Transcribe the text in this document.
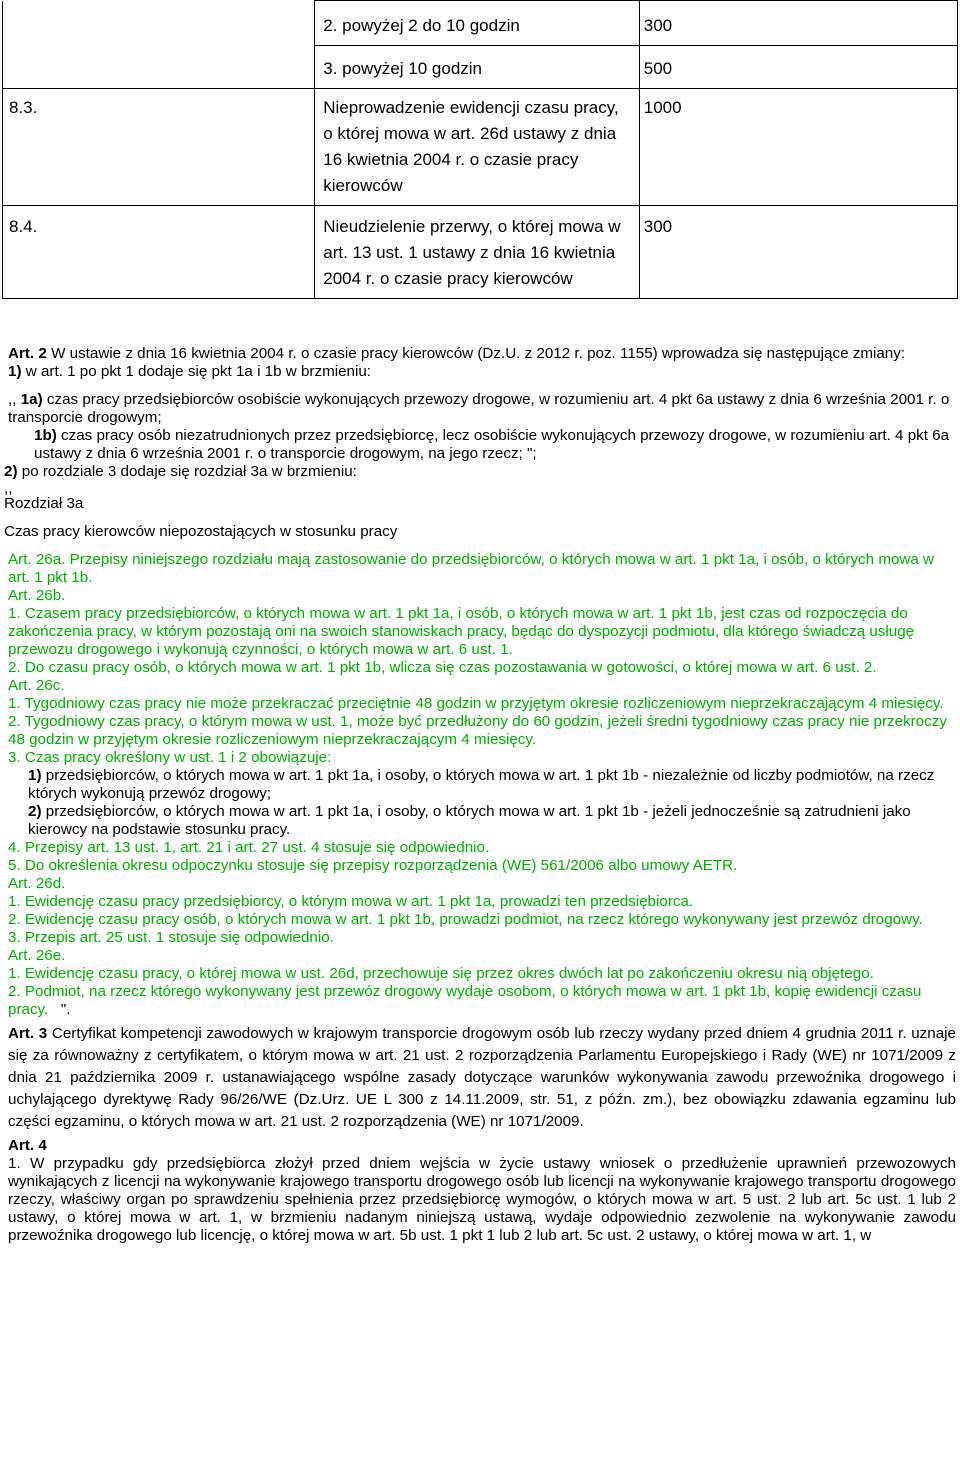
	2. powyżej 2 do 10 godzin	300

	3. powyżej 10 godzin	500

8.3.	Nieprowadzenie ewidencji czasu pracy, o której mowa w art. 26d ustawy z dnia 16 kwietnia 2004 r. o czasie pracy kierowców	1000

8.4.	Nieudzielenie przerwy, o której mowa w art. 13 ust. 1 ustawy z dnia 16 kwietnia 2004 r. o czasie pracy kierowców	300

Art. 2 W ustawie z dnia 16 kwietnia 2004 r. o czasie pracy kierowców (Dz.U. z 2012 r. poz. 1155) wprowadza się następujące zmiany:

1) w art. 1 po pkt 1 dodaje się pkt 1a i 1b w brzmieniu:

,, 1a) czas pracy przedsiębiorców osobiście wykonujących przewozy drogowe, w rozumieniu art. 4 pkt 6a ustawy z dnia 6 września 2001 r. o transporcie drogowym;

1b) czas pracy osób niezatrudnionych przez przedsiębiorcę, lecz osobiście wykonujących przewozy drogowe, w rozumieniu art. 4 pkt 6a ustawy z dnia 6 września 2001 r. o transporcie drogowym, na jego rzecz; ";

2) po rozdziale 3 dodaje się rozdział 3a w brzmieniu:

,,

Rozdział 3a

Czas pracy kierowców niepozostających w stosunku pracy

Art. 26a. Przepisy niniejszego rozdziału mają zastosowanie do przedsiębiorców, o których mowa w art. 1 pkt 1a, i osób, o których mowa w art. 1 pkt 1b.

Art. 26b.

1. Czasem pracy przedsiębiorców, o których mowa w art. 1 pkt 1a, i osób, o których mowa w art. 1 pkt 1b, jest czas od rozpoczęcia do zakończenia pracy, w którym pozostają oni na swoich stanowiskach pracy, będąc do dyspozycji podmiotu, dla którego świadczą usługę przewozu drogowego i wykonują czynności, o których mowa w art. 6 ust. 1.

2. Do czasu pracy osób, o których mowa w art. 1 pkt 1b, wlicza się czas pozostawania w gotowości, o której mowa w art. 6 ust. 2.

Art. 26c.

1. Tygodniowy czas pracy nie może przekraczać przeciętnie 48 godzin w przyjętym okresie rozliczeniowym nieprzekraczającym 4 miesięcy.

2. Tygodniowy czas pracy, o którym mowa w ust. 1, może być przedłużony do 60 godzin, jeżeli średni tygodniowy czas pracy nie przekroczy 48 godzin w przyjętym okresie rozliczeniowym nieprzekraczającym 4 miesięcy.

3. Czas pracy określony w ust. 1 i 2 obowiązuje:

1) przedsiębiorców, o których mowa w art. 1 pkt 1a, i osoby, o których mowa w art. 1 pkt 1b - niezależnie od liczby podmiotów, na rzecz których wykonują przewóz drogowy;

2) przedsiębiorców, o których mowa w art. 1 pkt 1a, i osoby, o których mowa w art. 1 pkt 1b - jeżeli jednocześnie są zatrudnieni jako kierowcy na podstawie stosunku pracy.

4. Przepisy art. 13 ust. 1, art. 21 i art. 27 ust. 4 stosuje się odpowiednio.

5. Do określenia okresu odpoczynku stosuje się przepisy rozporządzenia (WE) 561/2006 albo umowy AETR.

Art. 26d.

1. Ewidencję czasu pracy przedsiębiorcy, o którym mowa w art. 1 pkt 1a, prowadzi ten przedsiębiorca.

2. Ewidencję czasu pracy osób, o których mowa w art. 1 pkt 1b, prowadzi podmiot, na rzecz którego wykonywany jest przewóz drogowy.

3. Przepis art. 25 ust. 1 stosuje się odpowiednio.

Art. 26e.

1. Ewidencję czasu pracy, o której mowa w ust. 26d, przechowuje się przez okres dwóch lat po zakończeniu okresu nią objętego.

2. Podmiot, na rzecz którego wykonywany jest przewóz drogowy wydaje osobom, o których mowa w art. 1 pkt 1b, kopię ewidencji czasu pracy. ".

Art. 3 Certyfikat kompetencji zawodowych w krajowym transporcie drogowym osób lub rzeczy wydany przed dniem 4 grudnia 2011 r. uznaje się za równoważny z certyfikatem, o którym mowa w art. 21 ust. 2 rozporządzenia Parlamentu Europejskiego i Rady (WE) nr 1071/2009 z dnia 21 października 2009 r. ustanawiającego wspólne zasady dotyczące warunków wykonywania zawodu przewoźnika drogowego i uchylającego dyrektywę Rady 96/26/WE (Dz.Urz. UE L 300 z 14.11.2009, str. 51, z późn. zm.), bez obowiązku zdawania egzaminu lub części egzaminu, o których mowa w art. 21 ust. 2 rozporządzenia (WE) nr 1071/2009.

Art. 4

1. W przypadku gdy przedsiębiorca złożył przed dniem wejścia w życie ustawy wniosek o przedłużenie uprawnień przewozowych wynikających z licencji na wykonywanie krajowego transportu drogowego osób lub licencji na wykonywanie krajowego transportu drogowego rzeczy, właściwy organ po sprawdzeniu spełnienia przez przedsiębiorcę wymogów, o których mowa w art. 5 ust. 2 lub art. 5c ust. 1 lub 2 ustawy, o której mowa w art. 1, w brzmieniu nadanym niniejszą ustawą, wydaje odpowiednio zezwolenie na wykonywanie zawodu przewoźnika drogowego lub licencję, o której mowa w art. 5b ust. 1 pkt 1 lub 2 lub art. 5c ust. 2 ustawy, o której mowa w art. 1, w
